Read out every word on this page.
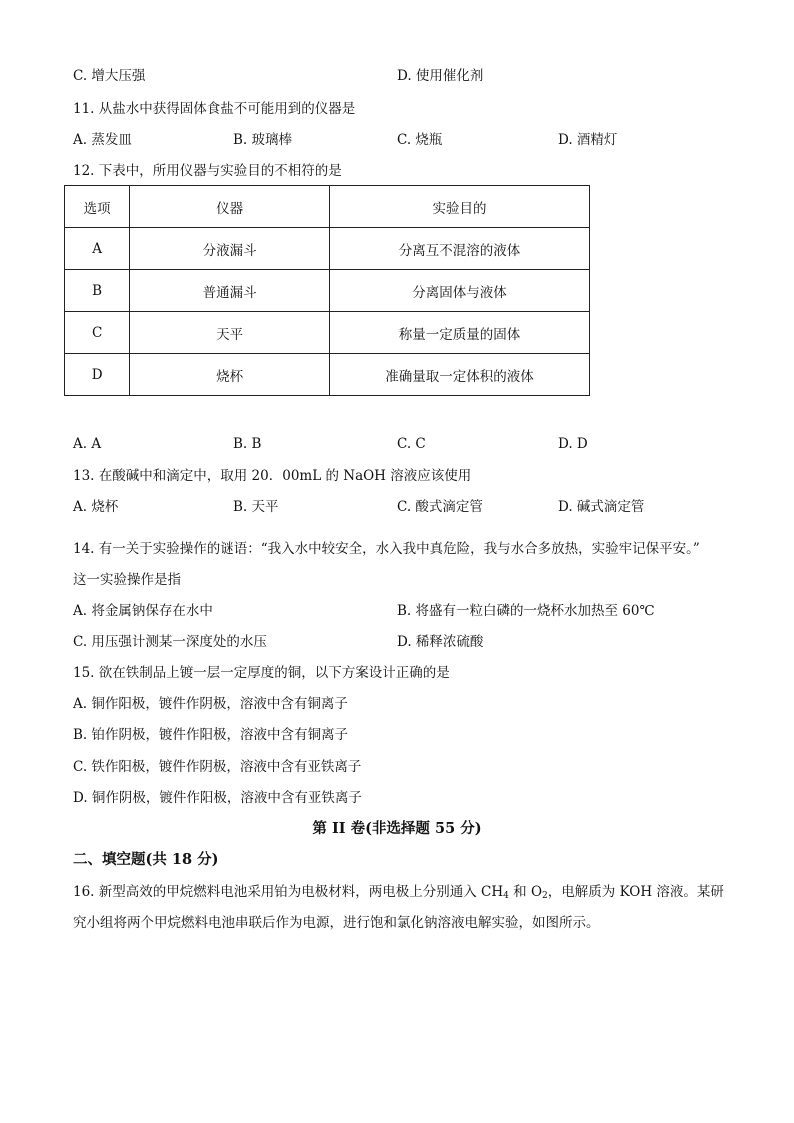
C. 增大压强	D. 使用催化剂
11. 从盐水中获得固体食盐不可能用到的仪器是
A. 蒸发皿	B. 玻璃棒	C. 烧瓶	D. 酒精灯
12. 下表中，所用仪器与实验目的不相符的是
选项	仪器	实验目的
A	分液漏斗	分离互不混溶的液体
B	普通漏斗	分离固体与液体
C	天平	称量一定质量的固体
D	烧杯	准确量取一定体积的液体
A. A	B. B	C. C	D. D
13. 在酸碱中和滴定中，取用 20．00mL 的 NaOH 溶液应该使用
A. 烧杯	B. 天平	C. 酸式滴定管	D. 碱式滴定管
14. 有一关于实验操作的谜语：“我入水中较安全，水入我中真危险，我与水合多放热，实验牢记保平安。”
这一实验操作是指
A. 将金属钠保存在水中	B. 将盛有一粒白磷的一烧杯水加热至 60℃
C. 用压强计测某一深度处的水压	D. 稀释浓硫酸
15. 欲在铁制品上镀一层一定厚度的铜，以下方案设计正确的是
A. 铜作阳极，镀件作阴极，溶液中含有铜离子
B. 铂作阴极，镀件作阳极，溶液中含有铜离子
C. 铁作阳极，镀件作阴极，溶液中含有亚铁离子
D. 铜作阴极，镀件作阳极，溶液中含有亚铁离子
第 II 卷(非选择题 55 分)
二、填空题(共 18 分)
16. 新型高效的甲烷燃料电池采用铂为电极材料，两电极上分别通入 $CH_4$ 和 $O_2$，电解质为 KOH 溶液。某研
究小组将两个甲烷燃料电池串联后作为电源，进行饱和氯化钠溶液电解实验，如图所示。
